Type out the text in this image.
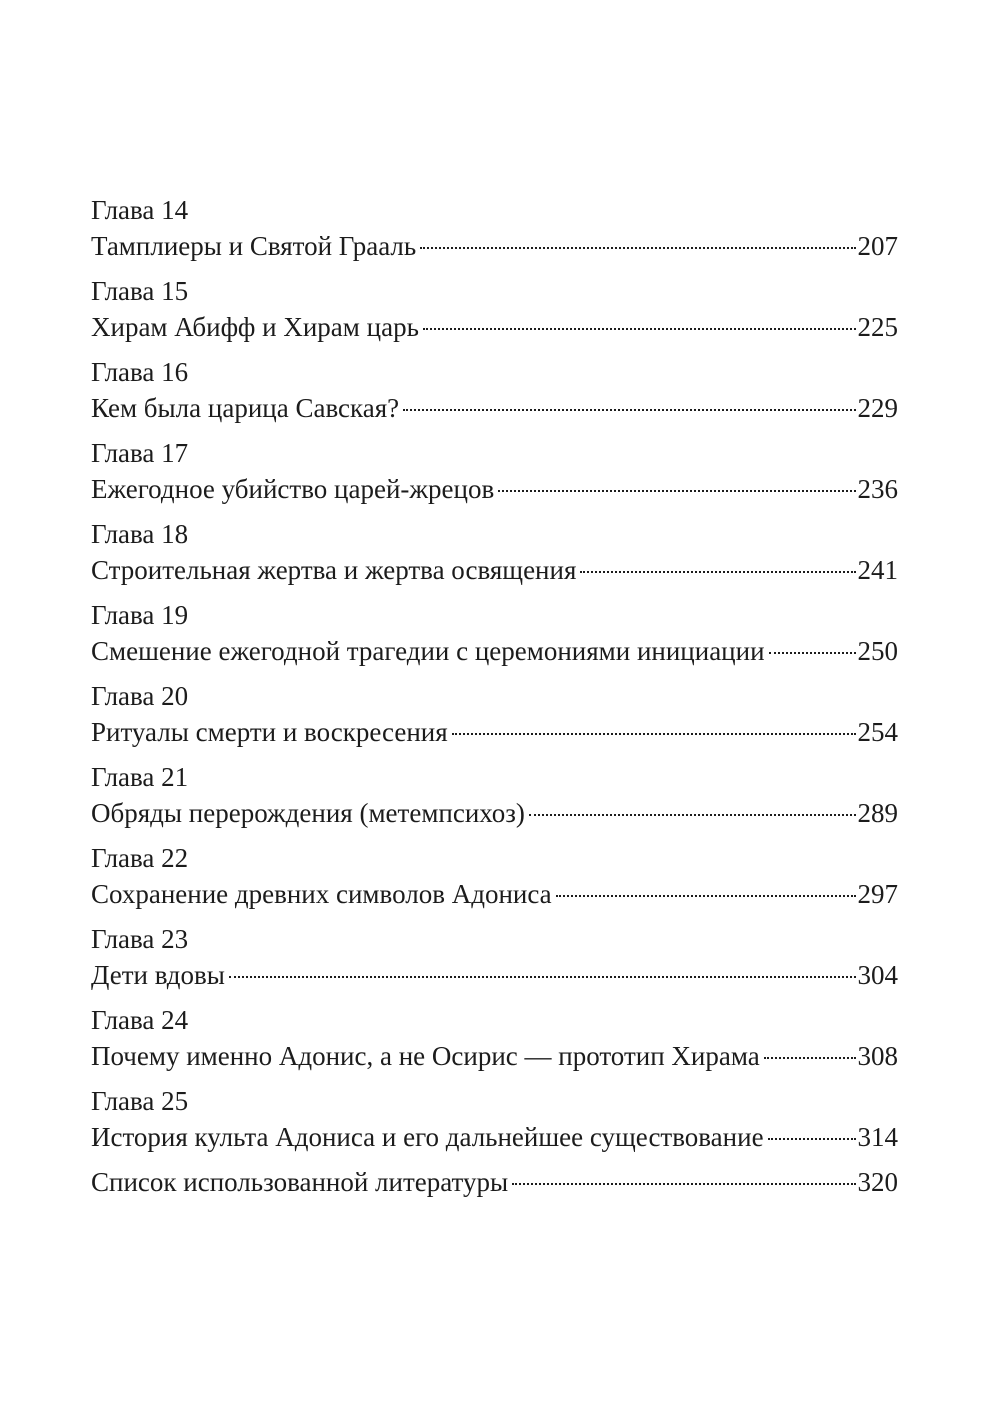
Глава 14
Тамплиеры и Святой Грааль	207
Глава 15
Хирам Абифф и Хирам царь	225
Глава 16
Кем была царица Савская?	229
Глава 17
Ежегодное убийство царей-жрецов	236
Глава 18
Строительная жертва и жертва освящения	241
Глава 19
Смешение ежегодной трагедии с церемониями инициации	250
Глава 20
Ритуалы смерти и воскресения	254
Глава 21
Обряды перерождения (метемпсихоз)	289
Глава 22
Сохранение древних символов Адониса	297
Глава 23
Дети вдовы	304
Глава 24
Почему именно Адонис, а не Осирис — прототип Хирама	308
Глава 25
История культа Адониса и его дальнейшее существование	314
Список использованной литературы	320
